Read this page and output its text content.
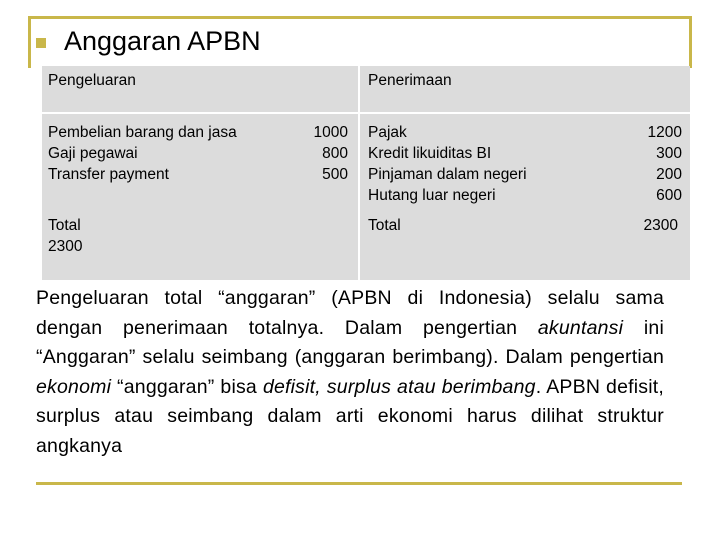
Anggaran APBN
Pengeluaran	Penerimaan
Pembelian barang dan jasa
Gaji pegawai
Transfer payment
1000
800
500
Pajak
Kredit likuiditas BI
Pinjaman dalam negeri
Hutang luar negeri
1200
300
200
600
Total
2300
Total	2300
Pengeluaran total “anggaran” (APBN di Indonesia) selalu sama dengan penerimaan totalnya. Dalam pengertian akuntansi ini “Anggaran” selalu seimbang (anggaran berimbang). Dalam pengertian ekonomi “anggaran” bisa defisit, surplus atau berimbang. APBN defisit, surplus atau seimbang dalam arti ekonomi harus dilihat struktur angkanya
